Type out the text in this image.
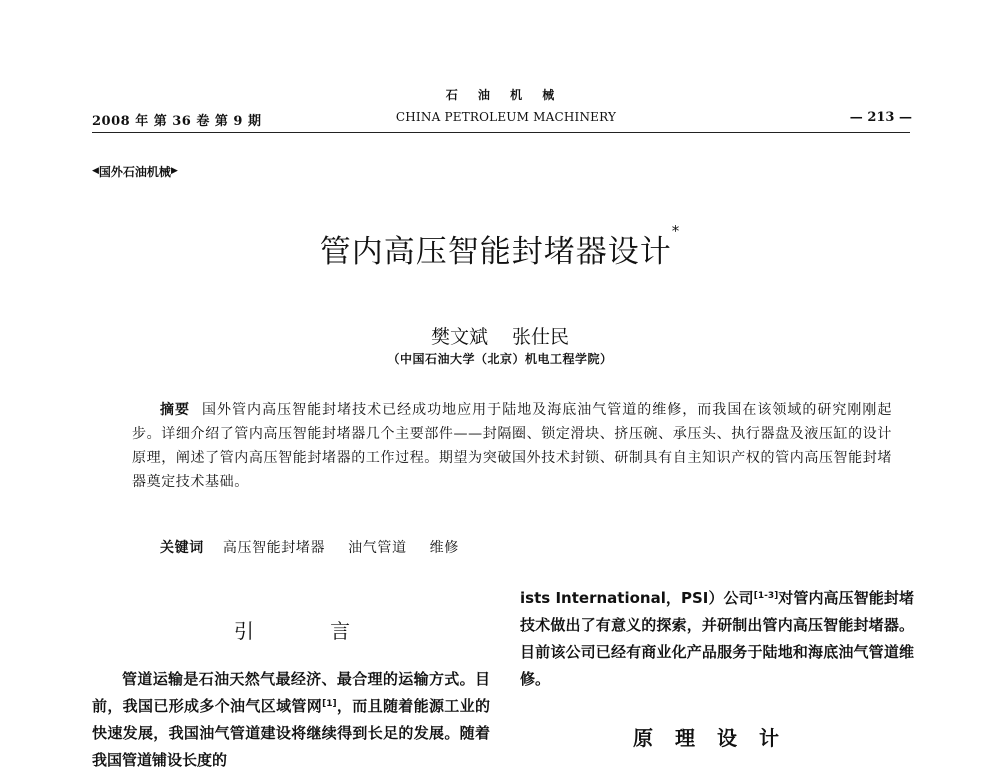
石 油 机 械
2008 年 第 36 卷 第 9 期	CHINA PETROLEUM MACHINERY	— 213 —
◀ 国外石油机械 ▶
管内高压智能封堵器设计*
樊文斌 张仕民
（中国石油大学（北京）机电工程学院）
摘要 国外管内高压智能封堵技术已经成功地应用于陆地及海底油气管道的维修，而我国在该领域的研究刚刚起步。详细介绍了管内高压智能封堵器几个主要部件——封隔圈、锁定滑块、挤压碗、承压头、执行器盘及液压缸的设计原理，阐述了管内高压智能封堵器的工作过程。期望为突破国外技术封锁、研制具有自主知识产权的管内高压智能封堵器奠定技术基础。
关键词 高压智能封堵器 油气管道 维修
引 言
管道运输是石油天然气最经济、最合理的运输方式。目前，我国已形成多个油气区域管网[1]，而且随着能源工业的快速发展，我国油气管道建设将继续得到长足的发展。随着我国管道铺设长度的
ists International，PSI）公司[1-3]对管内高压智能封堵技术做出了有意义的探索，并研制出管内高压智能封堵器。目前该公司已经有商业化产品服务于陆地和海底油气管道维修。
原理设计
